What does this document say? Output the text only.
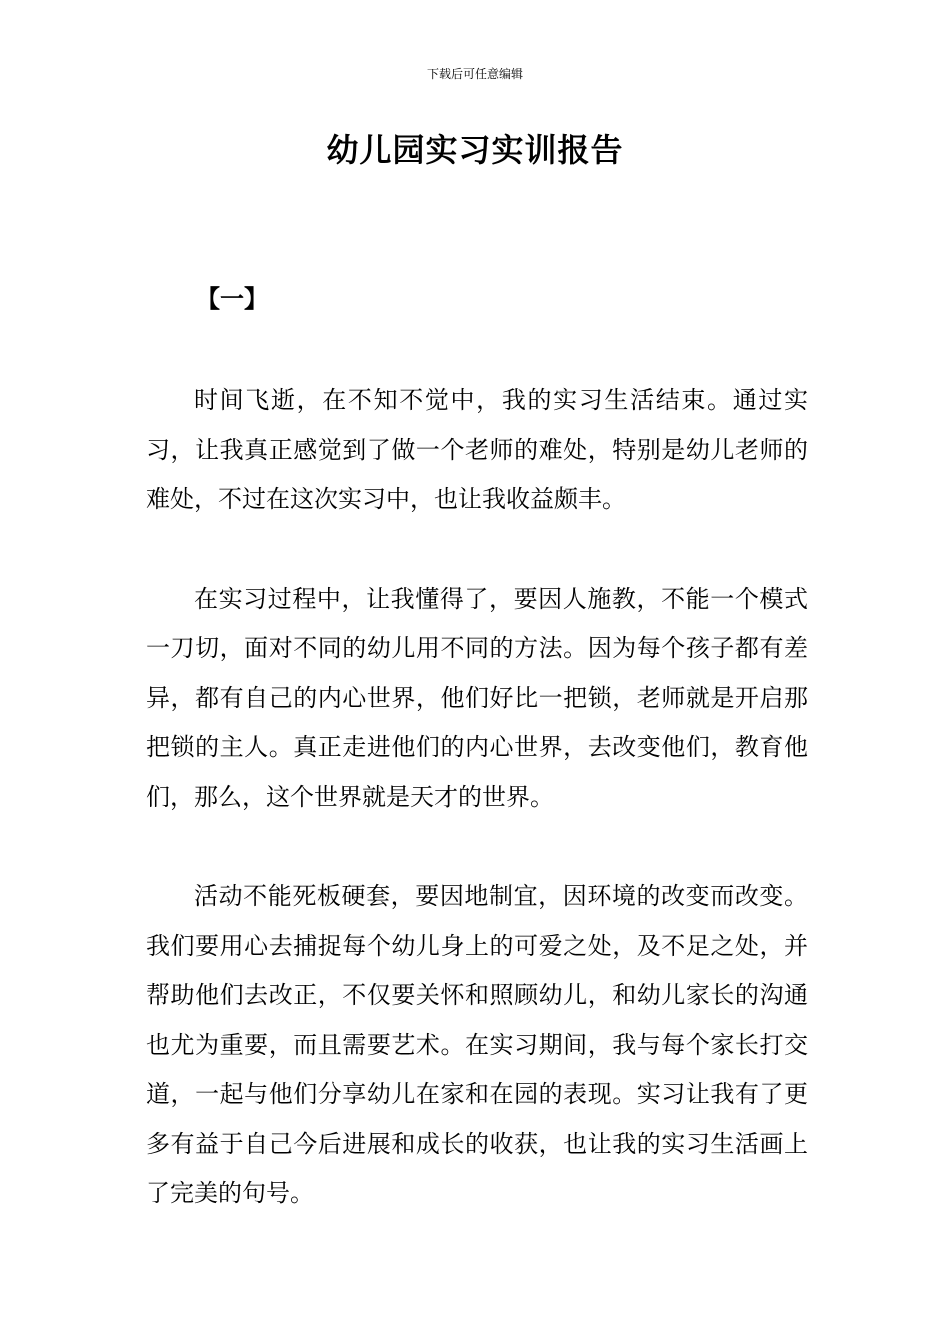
下载后可任意编辑
幼儿园实习实训报告
【一】

时间飞逝，在不知不觉中，我的实习生活结束。通过实习，让我真正感觉到了做一个老师的难处，特别是幼儿老师的难处，不过在这次实习中，也让我收益颇丰。

在实习过程中，让我懂得了，要因人施教，不能一个模式一刀切，面对不同的幼儿用不同的方法。因为每个孩子都有差异，都有自己的内心世界，他们好比一把锁，老师就是开启那把锁的主人。真正走进他们的内心世界，去改变他们，教育他们，那么，这个世界就是天才的世界。

活动不能死板硬套，要因地制宜，因环境的改变而改变。我们要用心去捕捉每个幼儿身上的可爱之处，及不足之处，并帮助他们去改正，不仅要关怀和照顾幼儿，和幼儿家长的沟通也尤为重要，而且需要艺术。在实习期间，我与每个家长打交道，一起与他们分享幼儿在家和在园的表现。实习让我有了更多有益于自己今后进展和成长的收获，也让我的实习生活画上了完美的句号。
